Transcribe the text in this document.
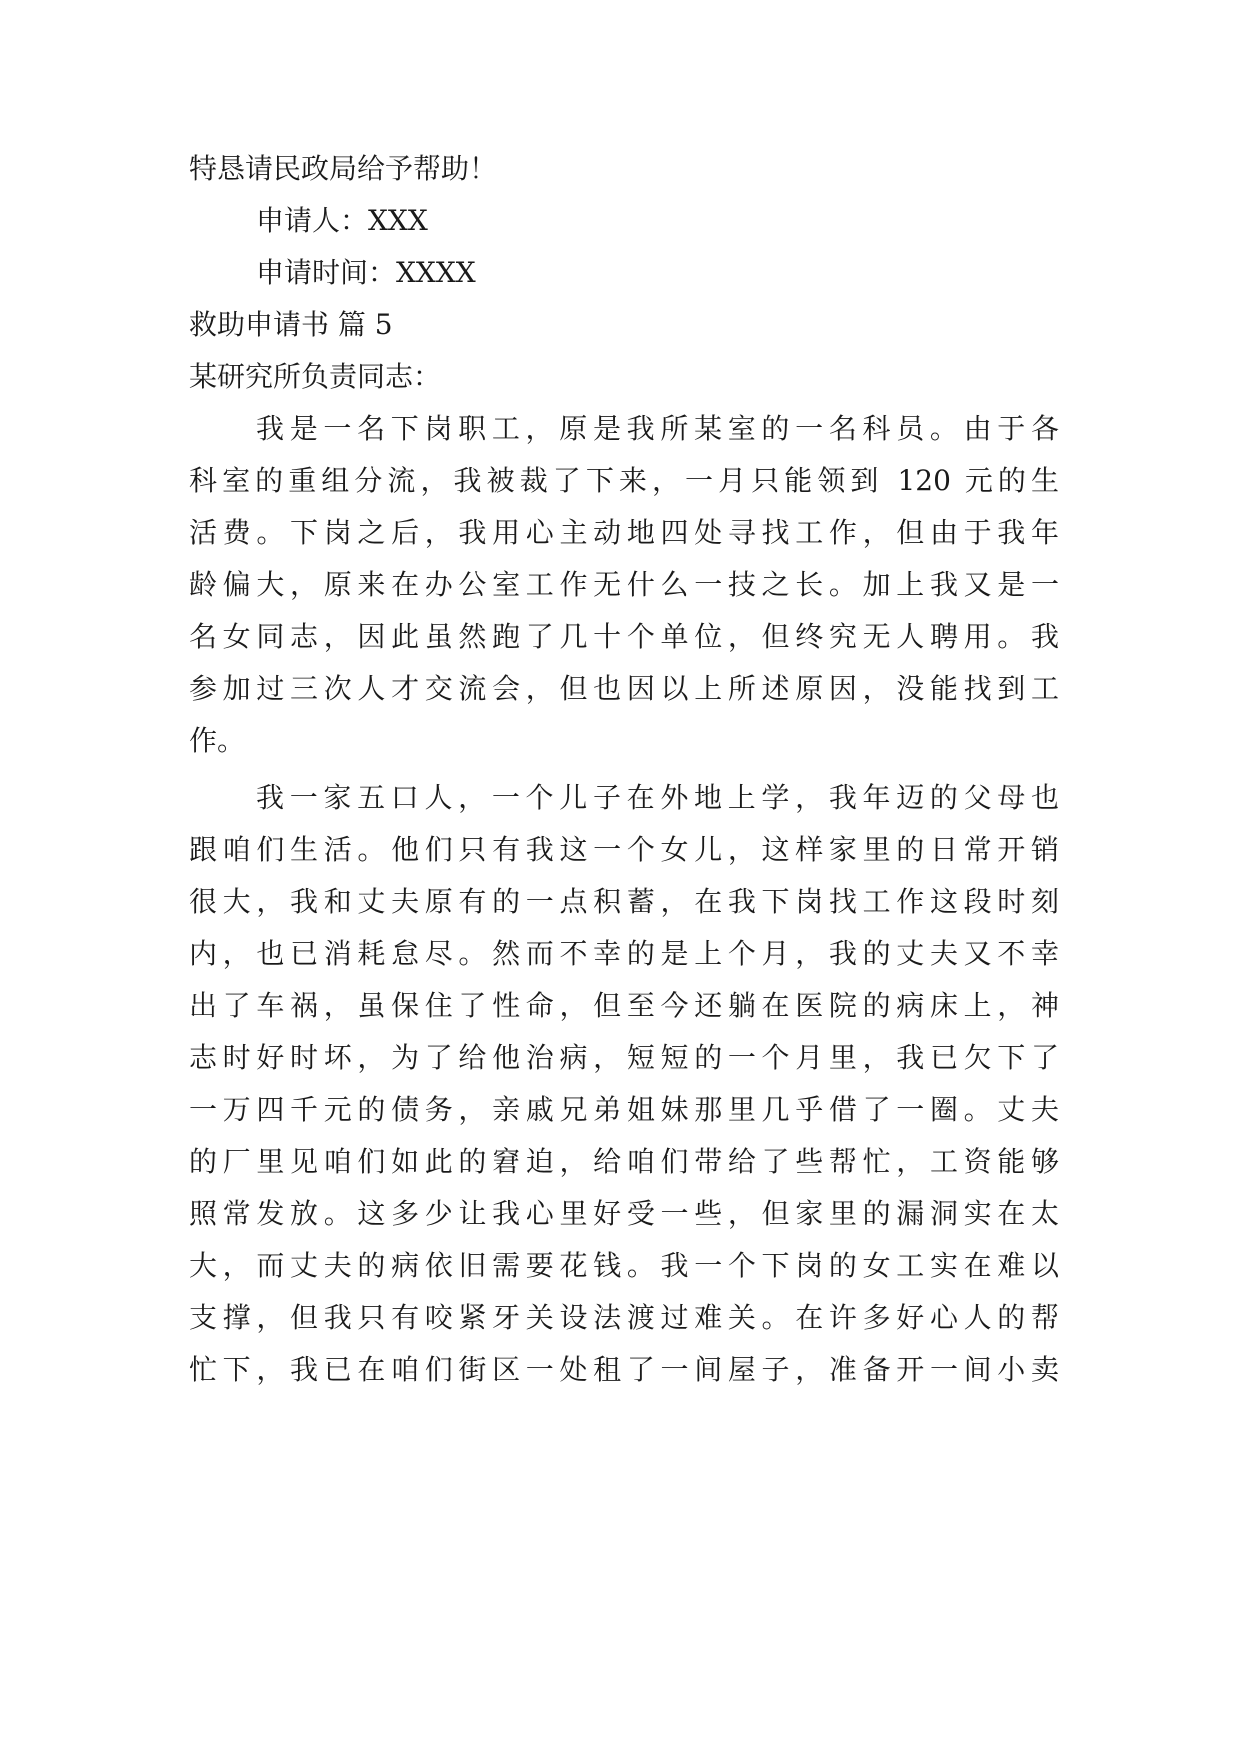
特恳请民政局给予帮助！
申请人：XXX
申请时间：XXXX
救助申请书 篇 5
某研究所负责同志：
我是一名下岗职工，原是我所某室的一名科员。由于各
科室的重组分流，我被裁了下来，一月只能领到 120 元的生
活费。下岗之后，我用心主动地四处寻找工作，但由于我年
龄偏大，原来在办公室工作无什么一技之长。加上我又是一
名女同志，因此虽然跑了几十个单位，但终究无人聘用。我
参加过三次人才交流会，但也因以上所述原因，没能找到工
作。
我一家五口人，一个儿子在外地上学，我年迈的父母也
跟咱们生活。他们只有我这一个女儿，这样家里的日常开销
很大，我和丈夫原有的一点积蓄，在我下岗找工作这段时刻
内，也已消耗怠尽。然而不幸的是上个月，我的丈夫又不幸
出了车祸，虽保住了性命，但至今还躺在医院的病床上，神
志时好时坏，为了给他治病，短短的一个月里，我已欠下了
一万四千元的债务，亲戚兄弟姐妹那里几乎借了一圈。丈夫
的厂里见咱们如此的窘迫，给咱们带给了些帮忙，工资能够
照常发放。这多少让我心里好受一些，但家里的漏洞实在太
大，而丈夫的病依旧需要花钱。我一个下岗的女工实在难以
支撑，但我只有咬紧牙关设法渡过难关。在许多好心人的帮
忙下，我已在咱们街区一处租了一间屋子，准备开一间小卖
